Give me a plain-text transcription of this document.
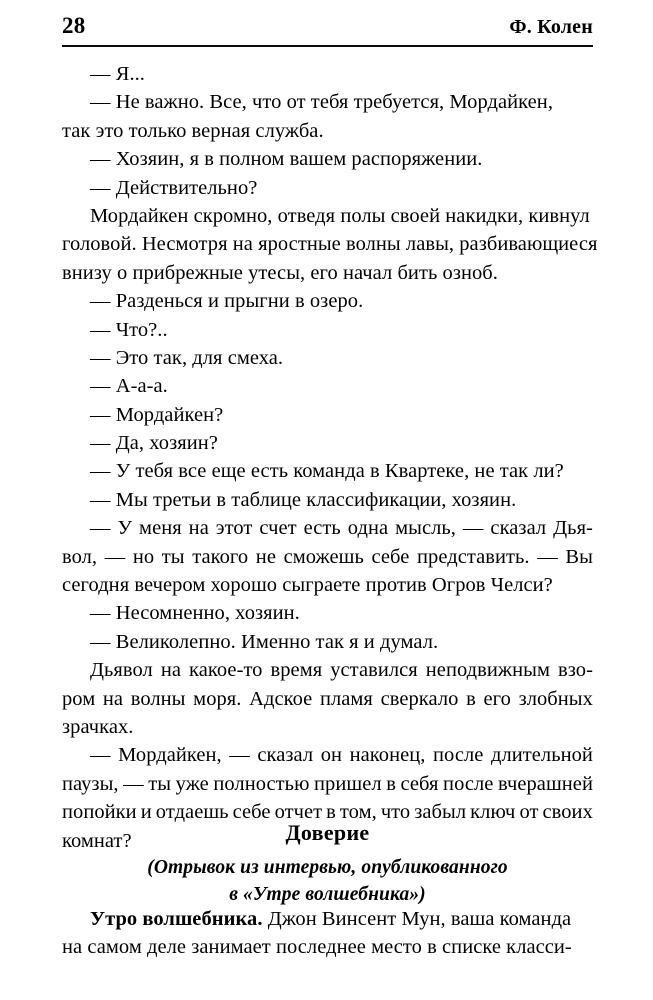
28	Ф. Колен
— Я...
— Не важно. Все, что от тебя требуется, Мордайкен,
так это только верная служба.
— Хозяин, я в полном вашем распоряжении.
— Действительно?
Мордайкен скромно, отведя полы своей накидки, кивнул
головой. Несмотря на яростные волны лавы, разбивающиеся
внизу о прибрежные утесы, его начал бить озноб.
— Разденься и прыгни в озеро.
— Что?..
— Это так, для смеха.
— А-а-а.
— Мордайкен?
— Да, хозяин?
— У тебя все еще есть команда в Квартеке, не так ли?
— Мы третьи в таблице классификации, хозяин.
— У меня на этот счет есть одна мысль, — сказал Дья-
вол, — но ты такого не сможешь себе представить. — Вы
сегодня вечером хорошо сыграете против Огров Челси?
— Несомненно, хозяин.
— Великолепно. Именно так я и думал.
Дьявол на какое-то время уставился неподвижным взо-
ром на волны моря. Адское пламя сверкало в его злобных
зрачках.
— Мордайкен, — сказал он наконец, после длительной
паузы, — ты уже полностью пришел в себя после вчерашней
попойки и отдаешь себе отчет в том, что забыл ключ от своих
комнат?	Доверие
(Отрывок из интервью, опубликованного
в «Утре волшебника»)
Утро волшебника. Джон Винсент Мун, ваша команда
на самом деле занимает последнее место в списке класси-
